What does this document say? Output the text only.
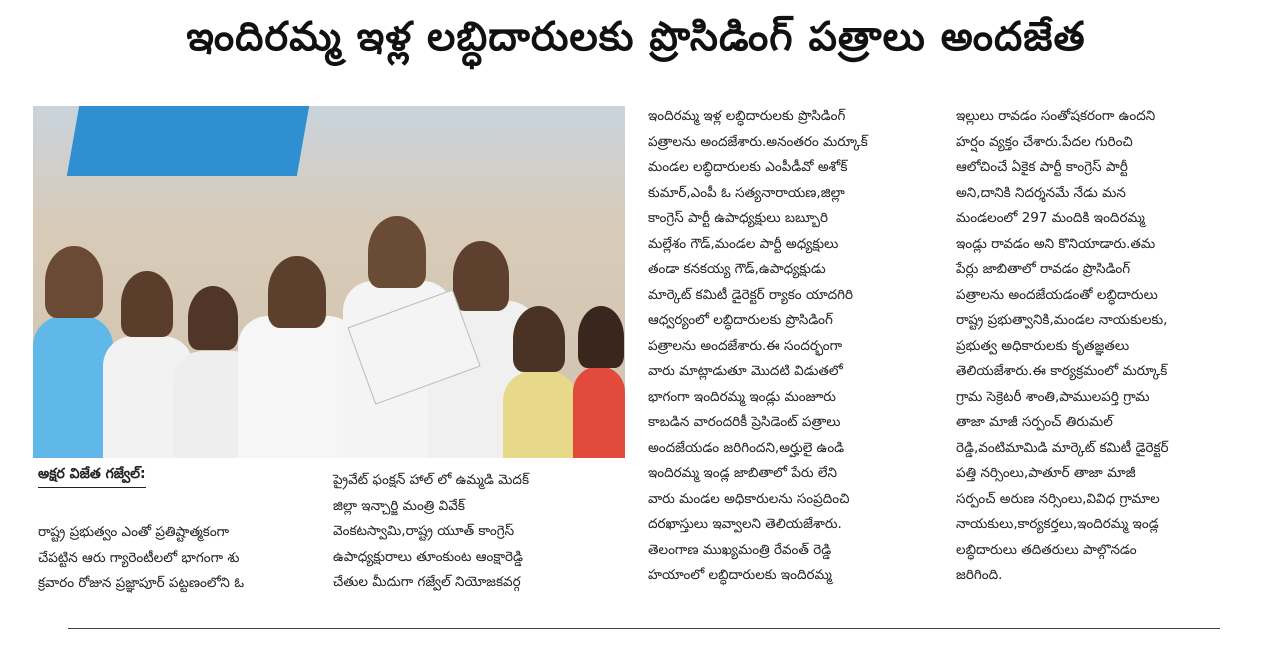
ఇందిరమ్మ ఇళ్ల లబ్ధిదారులకు ప్రొసిడింగ్ పత్రాలు అందజేత
అక్షర విజేత గజ్వేల్:

రాష్ట్ర ప్రభుత్వం ఎంతో ప్రతిష్టాత్మకంగా

చేపట్టిన ఆరు గ్యారెంటీలలో భాగంగా శు

క్రవారం రోజున ప్రజ్ఞాపూర్ పట్టణంలోని ఓ

ప్రైవేట్ ఫంక్షన్ హాల్ లో ఉమ్మడి మెదక్

జిల్లా ఇన్చార్జి మంత్రి వివేక్

వెంకటస్వామి,రాష్ట్ర యూత్ కాంగ్రెస్

ఉపాధ్యక్షురాలు తూంకుంట ఆంక్షారెడ్డి

చేతుల మీదుగా గజ్వేల్ నియోజకవర్గ

ఇందిరమ్మ ఇళ్ల లబ్ధిదారులకు ప్రొసిడింగ్

పత్రాలను అందజేశారు.అనంతరం మర్కూక్

మండల లబ్ధిదారులకు ఎంపీడీవో అశోక్

కుమార్,ఎంపీ ఓ సత్యనారాయణ,జిల్లా

కాంగ్రెస్ పార్టీ ఉపాధ్యక్షులు బబ్బూరి

మల్లేశం గౌడ్,మండల పార్టీ అధ్యక్షులు

తండా కనకయ్య గౌడ్,ఉపాధ్యక్షుడు

మార్కెట్ కమిటీ డైరెక్టర్ ర్యాకం యాదగిరి

ఆధ్వర్యంలో లబ్ధిదారులకు ప్రొసిడింగ్

పత్రాలను అందజేశారు.ఈ సందర్భంగా

వారు మాట్లాడుతూ మొదటి విడుతలో

భాగంగా ఇందిరమ్మ ఇండ్లు మంజూరు

కాబడిన వారందరికీ ప్రెసిడెంట్ పత్రాలు

అందజేయడం జరిగిందని,అర్హులై ఉండి

ఇందిరమ్మ ఇండ్ల జాబితాలో పేరు లేని

వారు మండల అధికారులను సంప్రదించి

దరఖాస్తులు ఇవ్వాలని తెలియజేశారు.

తెలంగాణ ముఖ్యమంత్రి రేవంత్ రెడ్డి

హయాంలో లబ్ధిదారులకు ఇందిరమ్మ

ఇల్లులు రావడం సంతోషకరంగా ఉందని

హర్షం వ్యక్తం చేశారు.పేదల గురించి

ఆలోచించే ఏకైక పార్టీ కాంగ్రెస్ పార్టీ

అని,దానికి నిదర్శనమే నేడు మన

మండలంలో 297 మందికి ఇందిరమ్మ

ఇండ్లు రావడం అని కొనియాడారు.తమ

పేర్లు జాబితాలో రావడం ప్రొసిడింగ్

పత్రాలను అందజేయడంతో లబ్ధిదారులు

రాష్ట్ర ప్రభుత్వానికి,మండల నాయకులకు,

ప్రభుత్వ అధికారులకు కృతజ్ఞతలు

తెలియజేశారు.ఈ కార్యక్రమంలో మర్కూక్

గ్రామ సెక్రెటరీ శాంతి,పాములపర్తి గ్రామ

తాజా మాజీ సర్పంచ్ తిరుమల్

రెడ్డి,వంటిమామిడి మార్కెట్ కమిటీ డైరెక్టర్

పత్తి నర్సింలు,పాతూర్ తాజా మాజీ

సర్పంచ్ అరుణ నర్సింలు,వివిధ గ్రామాల

నాయకులు,కార్యకర్తలు,ఇందిరమ్మ ఇండ్ల

లబ్ధిదారులు తదితరులు పాల్గొనడం

జరిగింది.
